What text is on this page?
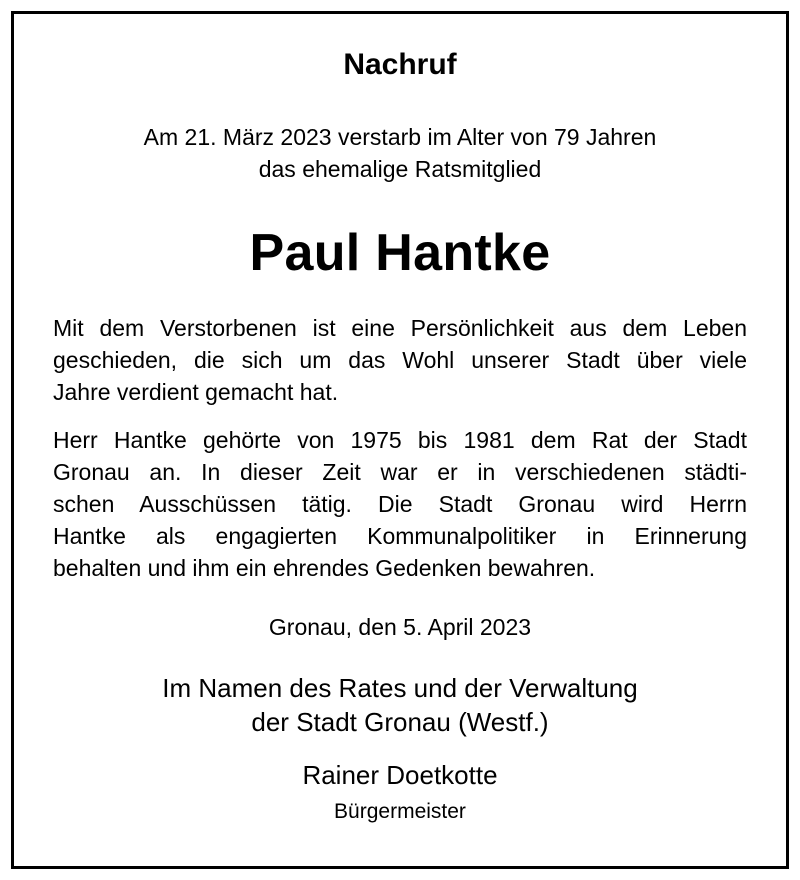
Nachruf
Am 21. März 2023 verstarb im Alter von 79 Jahren
das ehemalige Ratsmitglied
Paul Hantke
Mit dem Verstorbenen ist eine Persönlichkeit aus dem Leben
geschieden, die sich um das Wohl unserer Stadt über viele
Jahre verdient gemacht hat.
Herr Hantke gehörte von 1975 bis 1981 dem Rat der Stadt
Gronau an. In dieser Zeit war er in verschiedenen städti-
schen Ausschüssen tätig. Die Stadt Gronau wird Herrn
Hantke als engagierten Kommunalpolitiker in Erinnerung
behalten und ihm ein ehrendes Gedenken bewahren.
Gronau, den 5. April 2023
Im Namen des Rates und der Verwaltung
der Stadt Gronau (Westf.)
Rainer Doetkotte
Bürgermeister
